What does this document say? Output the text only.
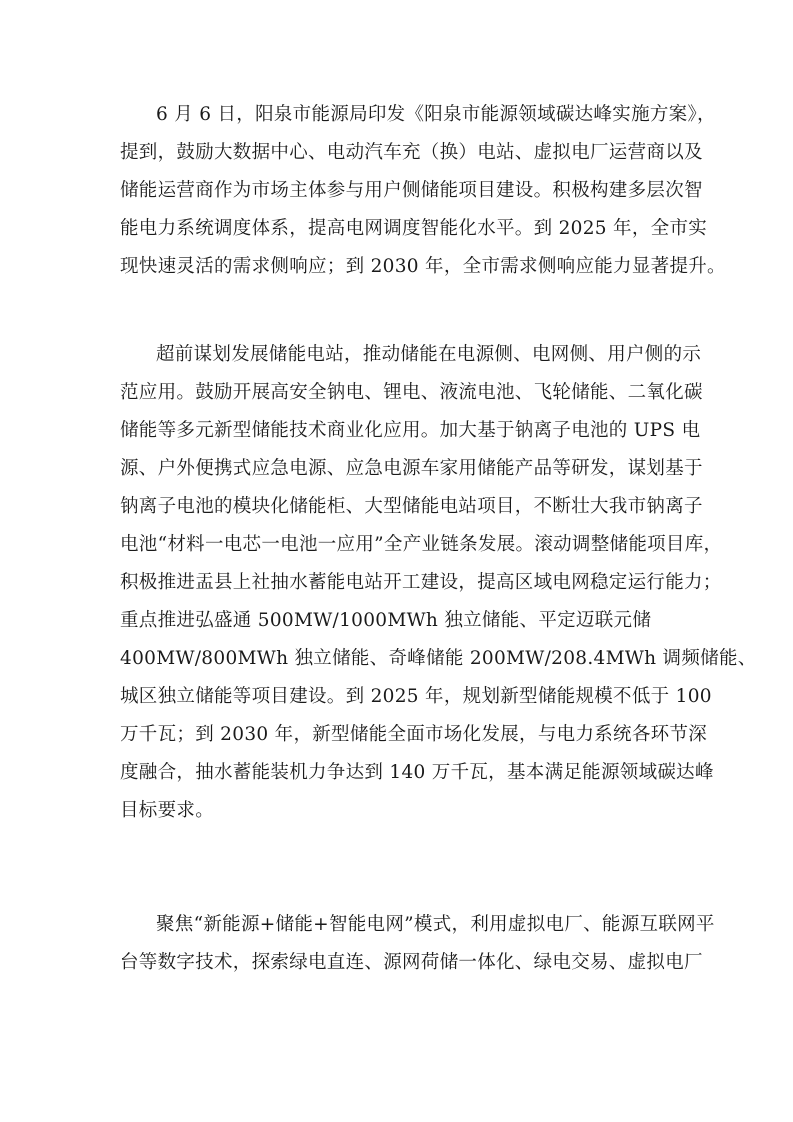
6 月 6 日，阳泉市能源局印发《阳泉市能源领域碳达峰实施方案》，
提到，鼓励大数据中心、电动汽车充（换）电站、虚拟电厂运营商以及
储能运营商作为市场主体参与用户侧储能项目建设。积极构建多层次智
能电力系统调度体系，提高电网调度智能化水平。到 2025 年，全市实
现快速灵活的需求侧响应；到 2030 年，全市需求侧响应能力显著提升。
超前谋划发展储能电站，推动储能在电源侧、电网侧、用户侧的示
范应用。鼓励开展高安全钠电、锂电、液流电池、飞轮储能、二氧化碳
储能等多元新型储能技术商业化应用。加大基于钠离子电池的 UPS 电
源、户外便携式应急电源、应急电源车家用储能产品等研发，谋划基于
钠离子电池的模块化储能柜、大型储能电站项目，不断壮大我市钠离子
电池“材料一电芯一电池一应用”全产业链条发展。滚动调整储能项目库，
积极推进盂县上社抽水蓄能电站开工建设，提高区域电网稳定运行能力；
重点推进弘盛通 500MW/1000MWh 独立储能、平定迈联元储
400MW/800MWh 独立储能、奇峰储能 200MW/208.4MWh 调频储能、
城区独立储能等项目建设。到 2025 年，规划新型储能规模不低于 100
万千瓦；到 2030 年，新型储能全面市场化发展，与电力系统各环节深
度融合，抽水蓄能装机力争达到 140 万千瓦，基本满足能源领域碳达峰
目标要求。
聚焦“新能源+储能+智能电网”模式，利用虚拟电厂、能源互联网平
台等数字技术，探索绿电直连、源网荷储一体化、绿电交易、虚拟电厂
